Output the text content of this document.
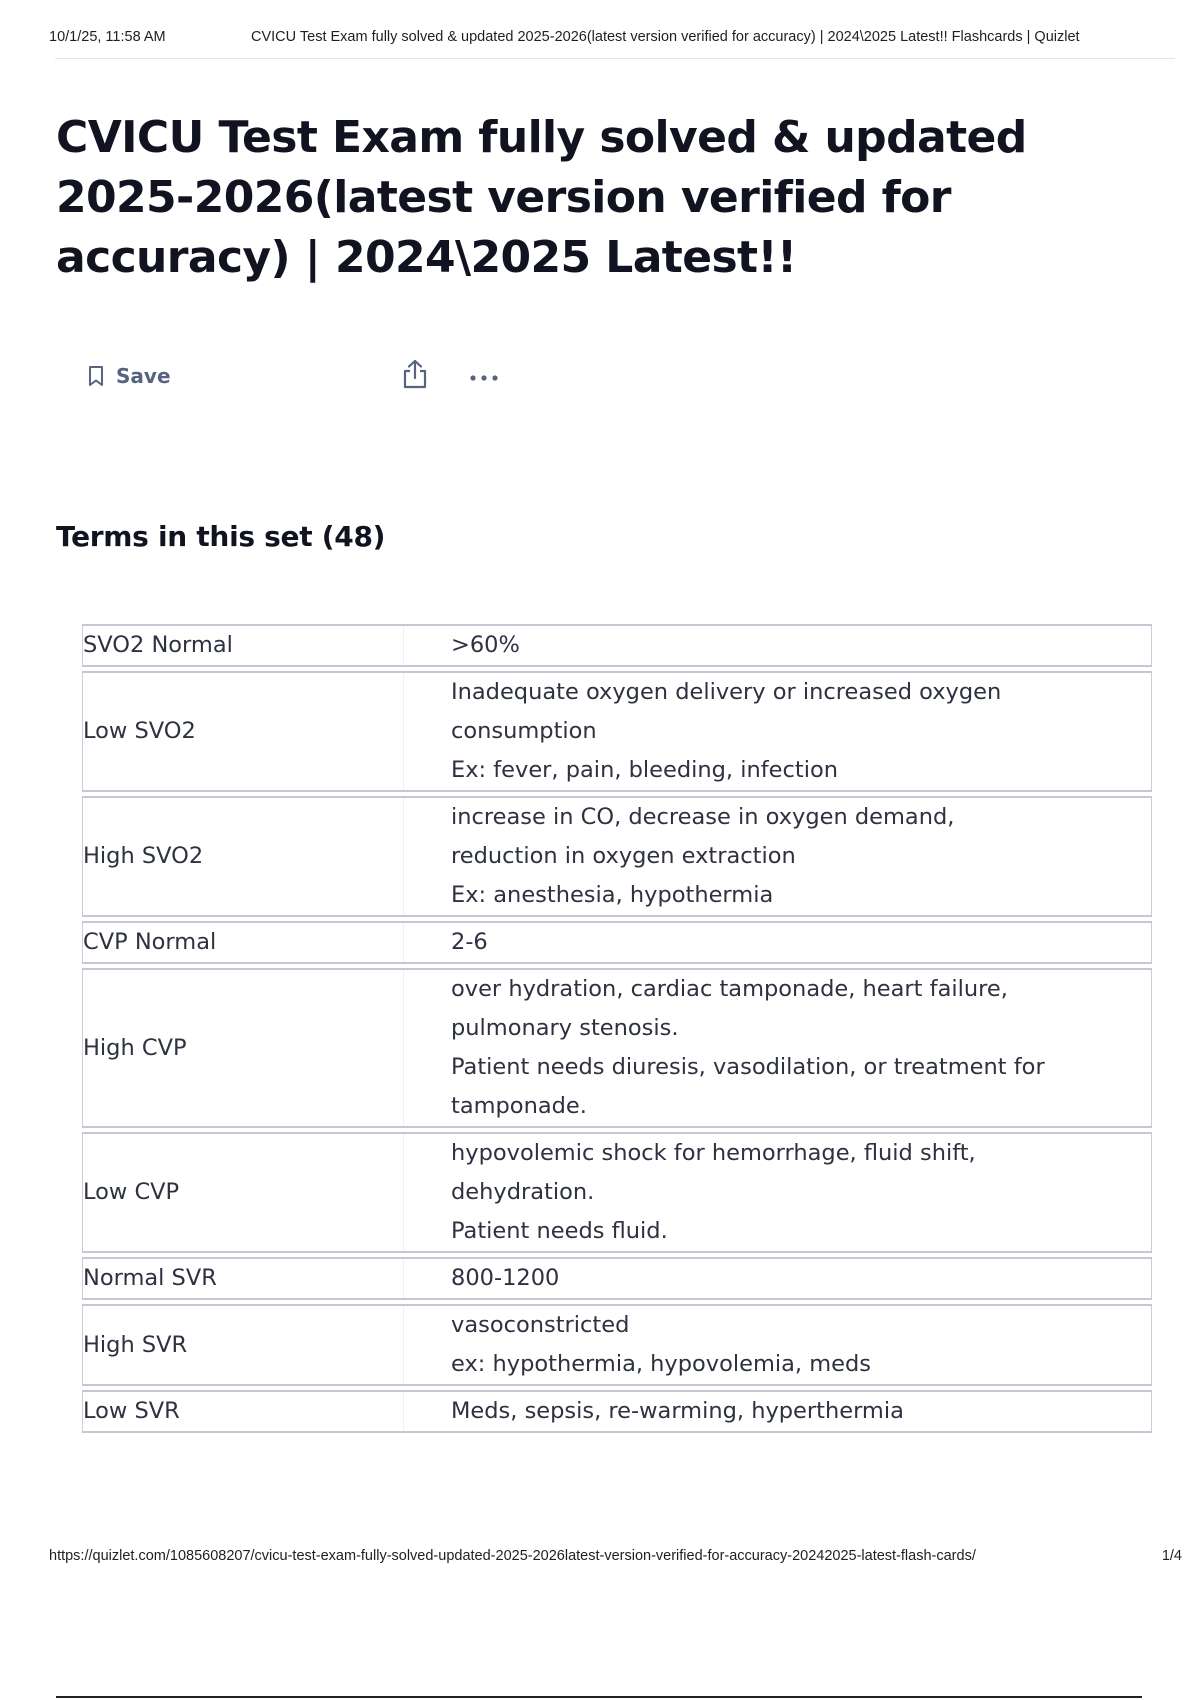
10/1/25, 11:58 AM	CVICU Test Exam fully solved & updated 2025-2026(latest version verified for accuracy) | 2024\2025 Latest!! Flashcards | Quizlet
CVICU Test Exam fully solved & updated 2025-2026(latest version verified for accuracy) | 2024\2025 Latest!!
Save
Terms in this set (48)
SVO2 Normal	>60%

Low SVO2	Inadequate oxygen delivery or increased oxygen
consumption
Ex: fever, pain, bleeding, infection

High SVO2	increase in CO, decrease in oxygen demand,
reduction in oxygen extraction
Ex: anesthesia, hypothermia

CVP Normal	2-6

High CVP	over hydration, cardiac tamponade, heart failure,
pulmonary stenosis.
Patient needs diuresis, vasodilation, or treatment for
tamponade.

Low CVP	hypovolemic shock for hemorrhage, fluid shift,
dehydration.
Patient needs fluid.

Normal SVR	800-1200

High SVR	vasoconstricted
ex: hypothermia, hypovolemia, meds

Low SVR	Meds, sepsis, re-warming, hyperthermia
https://quizlet.com/1085608207/cvicu-test-exam-fully-solved-updated-2025-2026latest-version-verified-for-accuracy-20242025-latest-flash-cards/	1/4
